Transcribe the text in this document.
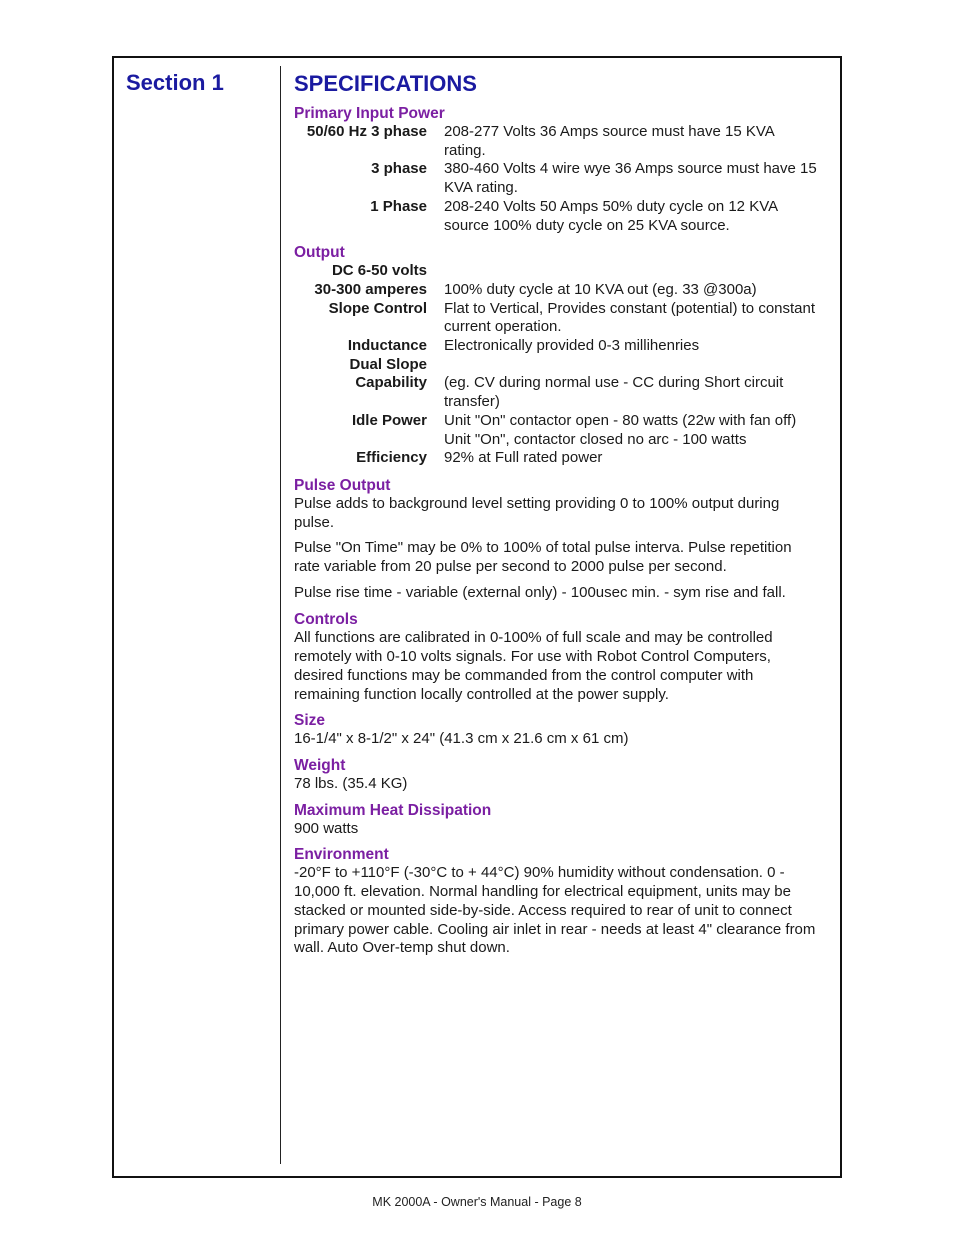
Section 1	SPECIFICATIONS
Primary Input Power
50/60 Hz 3 phase 208-277 Volts 36 Amps source must have 15 KVA rating.
3 phase 380-460 Volts 4 wire wye 36 Amps source must have 15 KVA rating.
1 Phase 208-240 Volts 50 Amps 50% duty cycle on 12 KVA source 100% duty cycle on 25 KVA source.
Output
DC 6-50 volts
30-300 amperes 100% duty cycle at 10 KVA out (eg. 33 @300a)
Slope Control Flat to Vertical, Provides constant (potential) to constant current operation.
Inductance Electronically provided 0-3 millihenries
Dual Slope
Capability (eg. CV during normal use - CC during Short circuit transfer)
Idle Power Unit "On" contactor open - 80 watts (22w with fan off) Unit "On", contactor closed no arc - 100 watts
Efficiency 92% at Full rated power
Pulse Output

Pulse adds to background level setting providing 0 to 100% output during pulse.

Pulse "On Time" may be 0% to 100% of total pulse interva. Pulse repetition rate variable from 20 pulse per second to 2000 pulse per second.

Pulse rise time - variable (external only) - 100usec min. - sym rise and fall.

Controls

All functions are calibrated in 0-100% of full scale and may be controlled remotely with 0-10 volts signals. For use with Robot Control Computers, desired functions may be commanded from the control computer with remaining function locally controlled at the power supply.

Size

16-1/4" x 8-1/2" x 24" (41.3 cm x 21.6 cm x 61 cm)

Weight

78 lbs. (35.4 KG)

Maximum Heat Dissipation

900 watts

Environment

-20°F to +110°F (-30°C to + 44°C) 90% humidity without condensation. 0 - 10,000 ft. elevation. Normal handling for electrical equipment, units may be stacked or mounted side-by-side. Access required to rear of unit to connect primary power cable. Cooling air inlet in rear - needs at least 4" clearance from wall. Auto Over-temp shut down.

MK 2000A - Owner's Manual - Page 8
